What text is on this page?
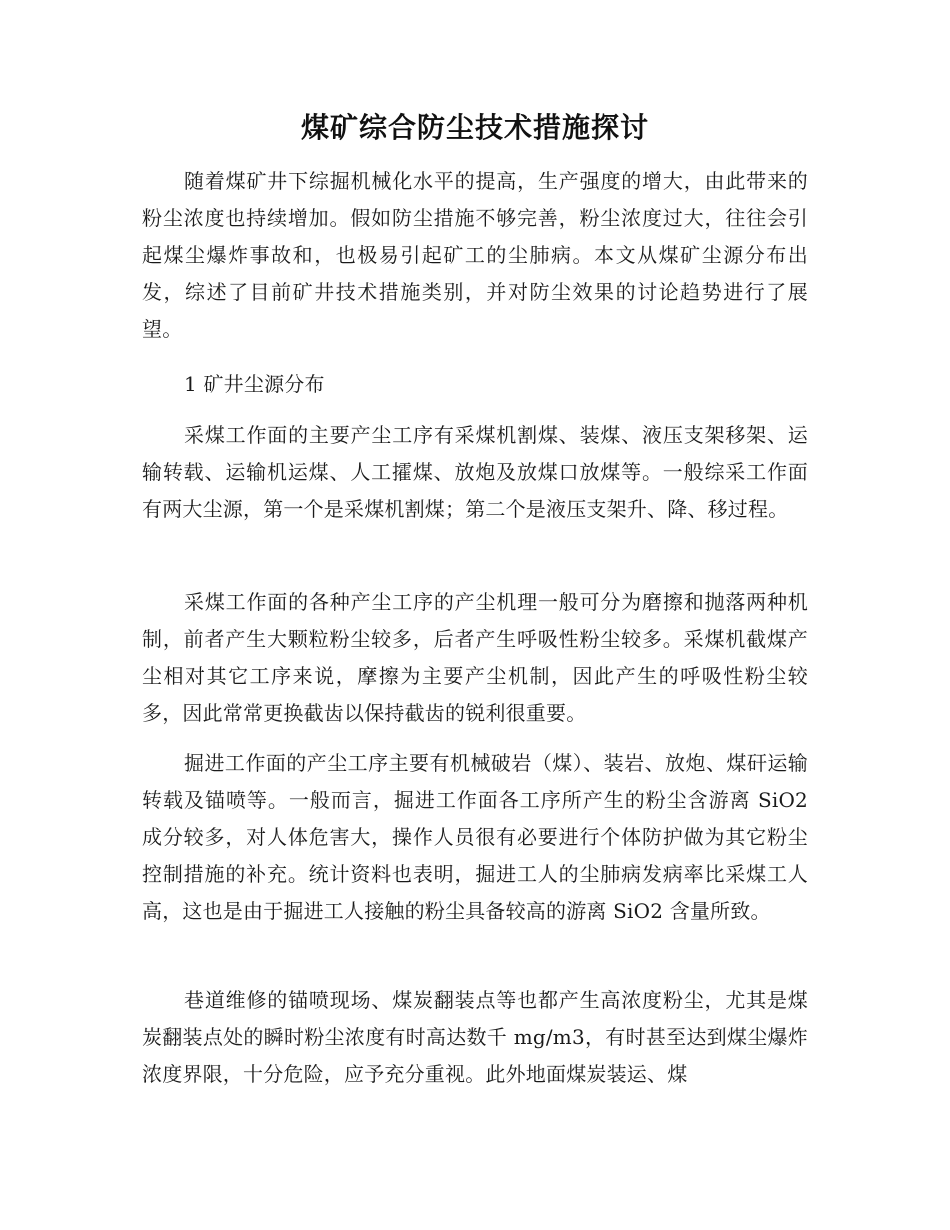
煤矿综合防尘技术措施探讨

随着煤矿井下综掘机械化水平的提高，生产强度的增大，由此带来的粉尘浓度也持续增加。假如防尘措施不够完善，粉尘浓度过大，往往会引起煤尘爆炸事故和，也极易引起矿工的尘肺病。本文从煤矿尘源分布出发，综述了目前矿井技术措施类别，并对防尘效果的讨论趋势进行了展望。

1 矿井尘源分布

采煤工作面的主要产尘工序有采煤机割煤、装煤、液压支架移架、运输转载、运输机运煤、人工攉煤、放炮及放煤口放煤等。一般综采工作面有两大尘源，第一个是采煤机割煤；第二个是液压支架升、降、移过程。

采煤工作面的各种产尘工序的产尘机理一般可分为磨擦和抛落两种机制，前者产生大颗粒粉尘较多，后者产生呼吸性粉尘较多。采煤机截煤产尘相对其它工序来说，摩擦为主要产尘机制，因此产生的呼吸性粉尘较多，因此常常更换截齿以保持截齿的锐利很重要。

掘进工作面的产尘工序主要有机械破岩（煤）、装岩、放炮、煤矸运输转载及锚喷等。一般而言，掘进工作面各工序所产生的粉尘含游离 SiO2 成分较多，对人体危害大，操作人员很有必要进行个体防护做为其它粉尘控制措施的补充。统计资料也表明，掘进工人的尘肺病发病率比采煤工人高，这也是由于掘进工人接触的粉尘具备较高的游离 SiO2 含量所致。

巷道维修的锚喷现场、煤炭翻装点等也都产生高浓度粉尘，尤其是煤炭翻装点处的瞬时粉尘浓度有时高达数千 mg/m3，有时甚至达到煤尘爆炸浓度界限，十分危险，应予充分重视。此外地面煤炭装运、煤
